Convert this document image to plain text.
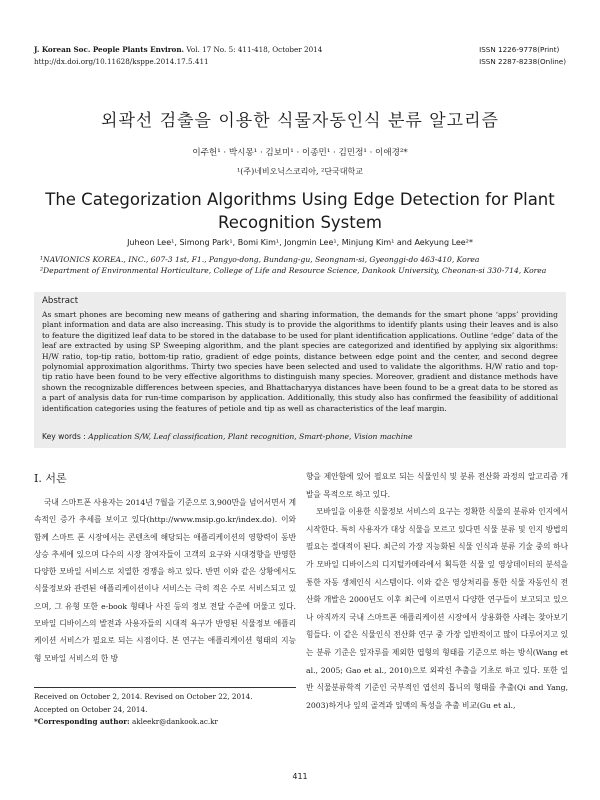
J. Korean Soc. People Plants Environ. Vol. 17 No. 5: 411-418, October 2014
http://dx.doi.org/10.11628/ksppe.2014.17.5.411
ISSN 1226-9778(Print)
ISSN 2287-8238(Online)
외곽선 검출을 이용한 식물자동인식 분류 알고리즘
이주헌¹ · 박시몽¹ · 김보미¹ · 이종민¹ · 김민정¹ · 이애경²*
¹(주)네비오닉스코리아, ²단국대학교
The Categorization Algorithms Using Edge Detection for Plant
Recognition System
Juheon Lee¹, Simong Park¹, Bomi Kim¹, Jongmin Lee¹, Minjung Kim¹ and Aekyung Lee²*
¹NAVIONICS KOREA., INC., 607-3 1st, F1., Pangyo-dong, Bundang-gu, Seongnam-si, Gyeonggi-do 463-410, Korea
²Department of Environmental Horticulture, College of Life and Resource Science, Dankook University, Cheonan-si 330-714, Korea
Abstract
As smart phones are becoming new means of gathering and sharing information, the demands for the smart phone ‘apps’ providing plant information and data are also increasing. This study is to provide the algorithms to identify plants using their leaves and is also to feature the digitized leaf data to be stored in the database to be used for plant identification applications. Outline ‘edge’ data of the leaf are extracted by using SP Sweeping algorithm, and the plant species are categorized and identified by applying six algorithms: H/W ratio, top-tip ratio, bottom-tip ratio, gradient of edge points, distance between edge point and the center, and second degree polynomial approximation algorithms. Thirty two species have been selected and used to validate the algorithms. H/W ratio and top-tip ratio have been found to be very effective algorithms to distinguish many species. Moreover, gradient and distance methods have shown the recognizable differences between species, and Bhattacharyya distances have been found to be a great data to be stored as a part of analysis data for run-time comparison by application. Additionally, this study also has confirmed the feasibility of additional identification categories using the features of petiole and tip as well as characteristics of the leaf margin.
Key words : Application S/W, Leaf classification, Plant recognition, Smart-phone, Vision machine
Ⅰ. 서론

국내 스마트폰 사용자는 2014년 7월을 기준으로 3,900만을 넘어서면서 계속적인 증가 추세를 보이고 있다(http://www.msip.go.kr/index.do). 이와 함께 스마트 폰 시장에서는 콘텐츠에 해당되는 애플리케이션의 영향력이 동반 상승 추세에 있으며 다수의 시장 참여자들이 고객의 요구와 시대경향을 반영한 다양한 모바일 서비스로 치열한 경쟁을 하고 있다. 반면 이와 같은 상황에서도 식물정보와 관련된 애플리케이션이나 서비스는 극히 적은 수로 서비스되고 있으며, 그 유형 또한 e-book 형태나 사진 등의 정보 전달 수준에 머물고 있다. 모바일 디바이스의 발전과 사용자들의 시대적 욕구가 반영된 식물정보 애플리케이션 서비스가 필요로 되는 시점이다. 본 연구는 애플리케이션 형태의 지능형 모바일 서비스의 한 방

향을 제안함에 있어 필요로 되는 식물인식 및 분류 전산화 과정의 알고리즘 개발을 목적으로 하고 있다.

모바일을 이용한 식물정보 서비스의 요구는 정확한 식물의 분류와 인지에서 시작한다. 특히 사용자가 대상 식물을 모르고 있다면 식물 분류 및 인지 방법의 필요는 절대적이 된다. 최근의 가장 지능화된 식물 인식과 분류 기술 중의 하나가 모바일 디바이스의 디지털카메라에서 획득한 식물 잎 영상데이터의 분석을 통한 자동 생체인식 시스템이다. 이와 같은 영상처리를 통한 식물 자동인식 전산화 개발은 2000년도 이후 최근에 이르면서 다양한 연구들이 보고되고 있으나 아직까지 국내 스마트폰 애플리케이션 시장에서 상용화한 사례는 찾아보기 힘들다. 이 같은 식물인식 전산화 연구 중 가장 일반적이고 많이 다루어지고 있는 분류 기준은 잎자루를 제외한 엽형의 형태를 기준으로 하는 방식(Wang et al., 2005; Gao et al., 2010)으로 외곽선 추출을 기초로 하고 있다. 또한 일반 식물분류학적 기준인 국부적인 엽선의 톱니의 형태를 추출(Qi and Yang, 2003)하거나 잎의 골격과 잎맥의 특성을 추출 비교(Gu et al.,

Received on October 2, 2014. Revised on October 22, 2014.
Accepted on October 24, 2014.
*Corresponding author: akleekr@dankook.ac.kr
411
